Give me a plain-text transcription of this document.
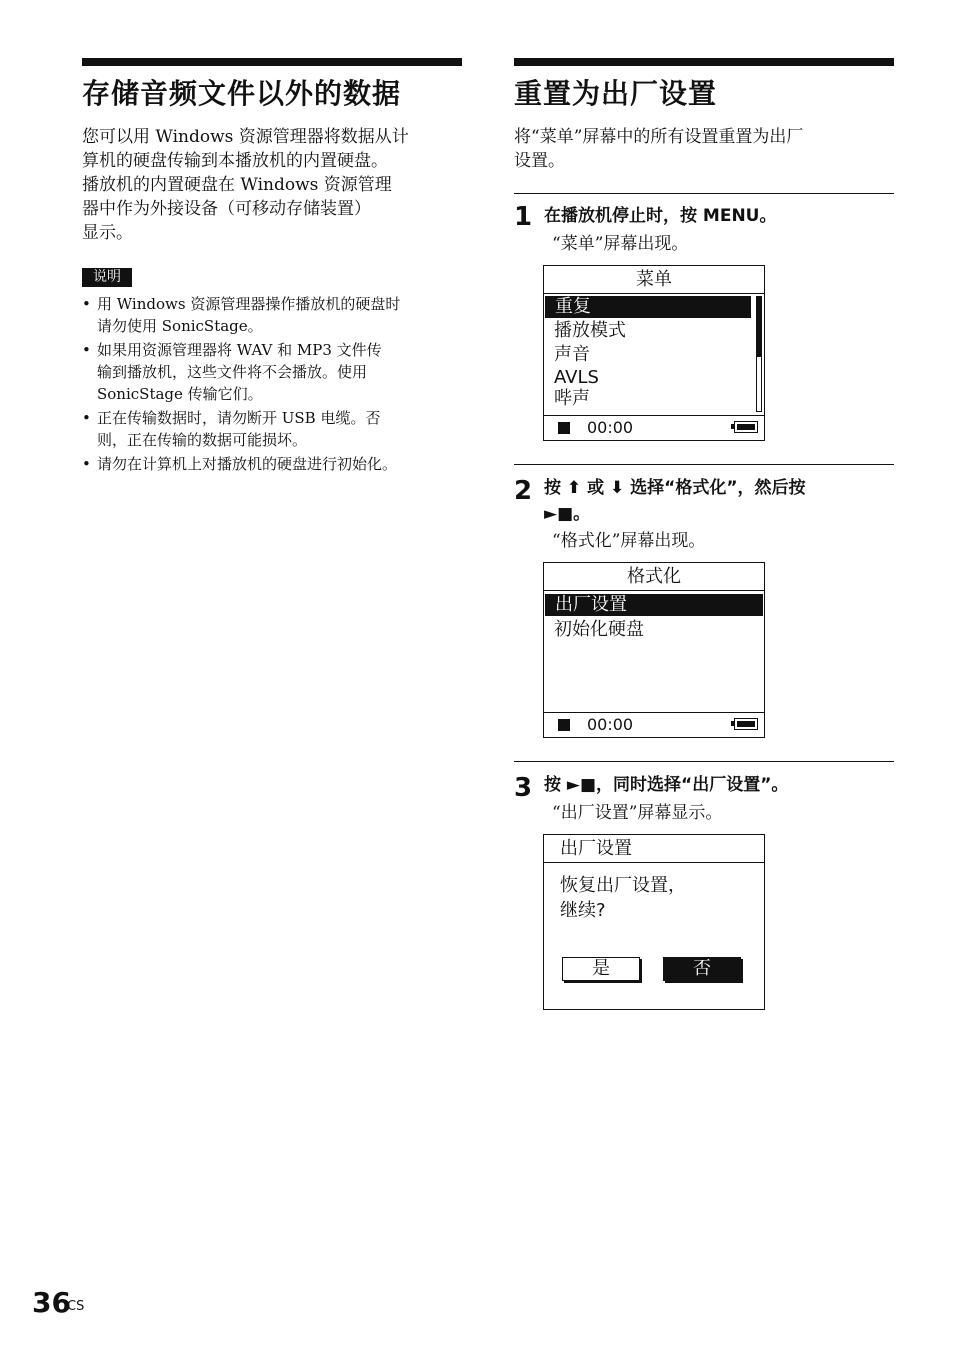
存储音频文件以外的数据
您可以用 Windows 资源管理器将数据从计
算机的硬盘传输到本播放机的内置硬盘。
播放机的内置硬盘在 Windows 资源管理
器中作为外接设备（可移动存储装置）
显示。
说明
• 用 Windows 资源管理器操作播放机的硬盘时
请勿使用 SonicStage。
• 如果用资源管理器将 WAV 和 MP3 文件传
输到播放机，这些文件将不会播放。使用
SonicStage 传输它们。
• 正在传输数据时，请勿断开 USB 电缆。否
则，正在传输的数据可能损坏。
• 请勿在计算机上对播放机的硬盘进行初始化。
重置为出厂设置
将“菜单”屏幕中的所有设置重置为出厂
设置。
1 在播放机停止时，按 MENU。
“菜单”屏幕出现。
菜单
重复
播放模式
声音
AVLS
哔声
00:00
2 按 ⬆ 或 ⬇ 选择“格式化”，然后按
►■。
“格式化”屏幕出现。
格式化
出厂设置
初始化硬盘
00:00
3 按 ►■，同时选择“出厂设置”。
“出厂设置”屏幕显示。
出厂设置
恢复出厂设置，
继续?
是	否
36
CS
